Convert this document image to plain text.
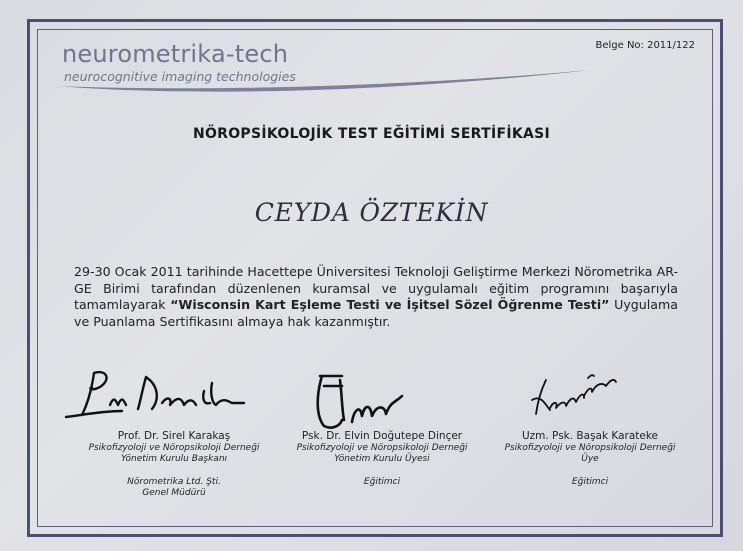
neurometrika-tech
neurocognitive imaging technologies
Belge No: 2011/122
NÖROPSİKOLOJİK TEST EĞİTİMİ SERTİFİKASI
CEYDA ÖZTEKİN
29-30 Ocak 2011 tarihinde Hacettepe Üniversitesi Teknoloji Geliştirme Merkezi Nörometrika AR-GE Birimi tarafından düzenlenen kuramsal ve uygulamalı eğitim programını başarıyla tamamlayarak “Wisconsin Kart Eşleme Testi ve İşitsel Sözel Öğrenme Testi” Uygulama ve Puanlama Sertifikasını almaya hak kazanmıştır.
Prof. Dr. Sirel Karakaş
Psikofizyoloji ve Nöropsikoloji Derneği
Yönetim Kurulu Başkanı
Nörometrika Ltd. Şti.
Genel Müdürü
Psk. Dr. Elvin Doğutepe Dinçer
Psikofizyoloji ve Nöropsikoloji Derneği
Yönetim Kurulu Üyesi
Eğitimci
Uzm. Psk. Başak Karateke
Psikofizyoloji ve Nöropsikoloji Derneği
Üye
Eğitimci
